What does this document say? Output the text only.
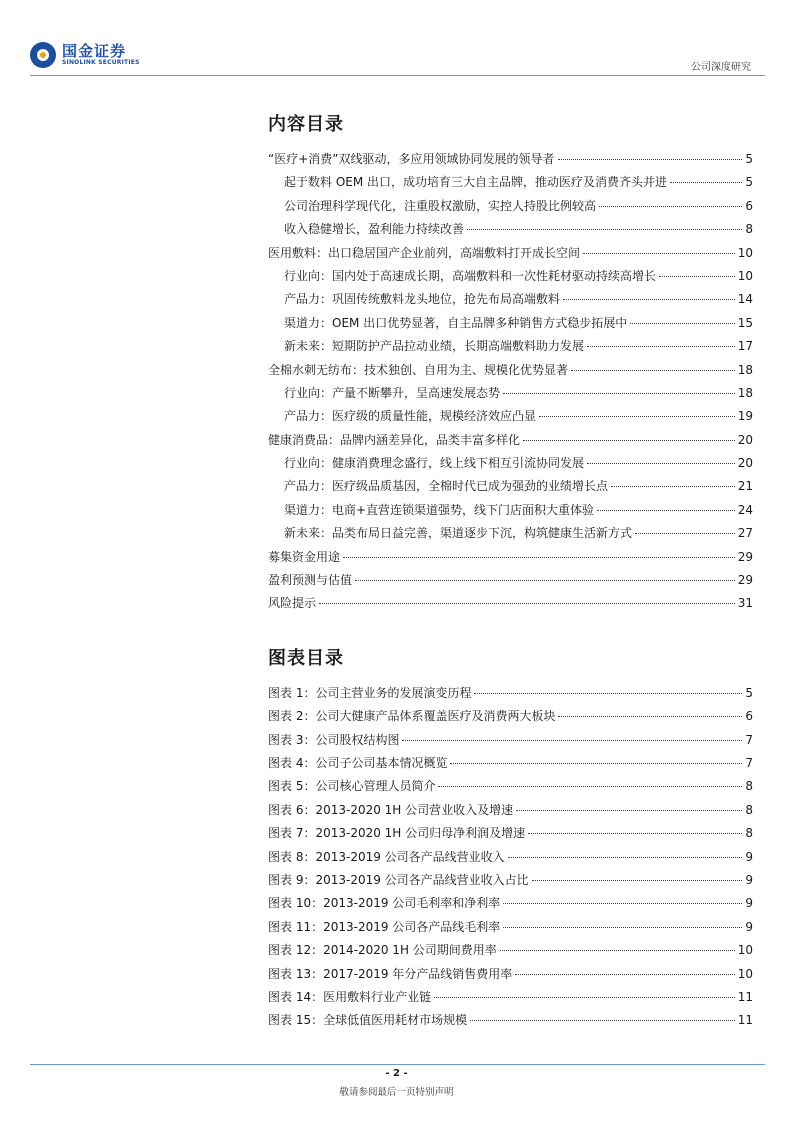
国金证券
SINOLINK SECURITIES	公司深度研究
内容目录
“医疗+消费”双线驱动，多应用领域协同发展的领导者	5
起于数料 OEM 出口，成功培育三大自主品牌，推动医疗及消费齐头并进	5
公司治理科学现代化，注重股权激励，实控人持股比例较高	6
收入稳健增长，盈利能力持续改善	8
医用敷料：出口稳居国产企业前列，高端敷料打开成长空间	10
行业向：国内处于高速成长期，高端敷料和一次性耗材驱动持续高增长	10
产品力：巩固传统敷料龙头地位，抢先布局高端敷料	14
渠道力：OEM 出口优势显著，自主品牌多种销售方式稳步拓展中	15
新未来：短期防护产品拉动业绩，长期高端敷料助力发展	17
全棉水刺无纺布：技术独创、自用为主、规模化优势显著	18
行业向：产量不断攀升，呈高速发展态势	18
产品力：医疗级的质量性能，规模经济效应凸显	19
健康消费品：品牌内涵差异化，品类丰富多样化	20
行业向：健康消费理念盛行，线上线下相互引流协同发展	20
产品力：医疗级品质基因，全棉时代已成为强劲的业绩增长点	21
渠道力：电商+直营连锁渠道强势，线下门店面积大重体验	24
新未来：品类布局日益完善，渠道逐步下沉，构筑健康生活新方式	27
募集资金用途	29
盈利预测与估值	29
风险提示	31
图表目录
图表 1：公司主营业务的发展演变历程	5
图表 2：公司大健康产品体系覆盖医疗及消费两大板块	6
图表 3：公司股权结构图	7
图表 4：公司子公司基本情况概览	7
图表 5：公司核心管理人员简介	8
图表 6：2013-2020 1H 公司营业收入及增速	8
图表 7：2013-2020 1H 公司归母净利润及增速	8
图表 8：2013-2019 公司各产品线营业收入	9
图表 9：2013-2019 公司各产品线营业收入占比	9
图表 10：2013-2019 公司毛利率和净利率	9
图表 11：2013-2019 公司各产品线毛利率	9
图表 12：2014-2020 1H 公司期间费用率	10
图表 13：2017-2019 年分产品线销售费用率	10
图表 14：医用敷料行业产业链	11
图表 15：全球低值医用耗材市场规模	11
- 2 -
敬请参阅最后一页特别声明
